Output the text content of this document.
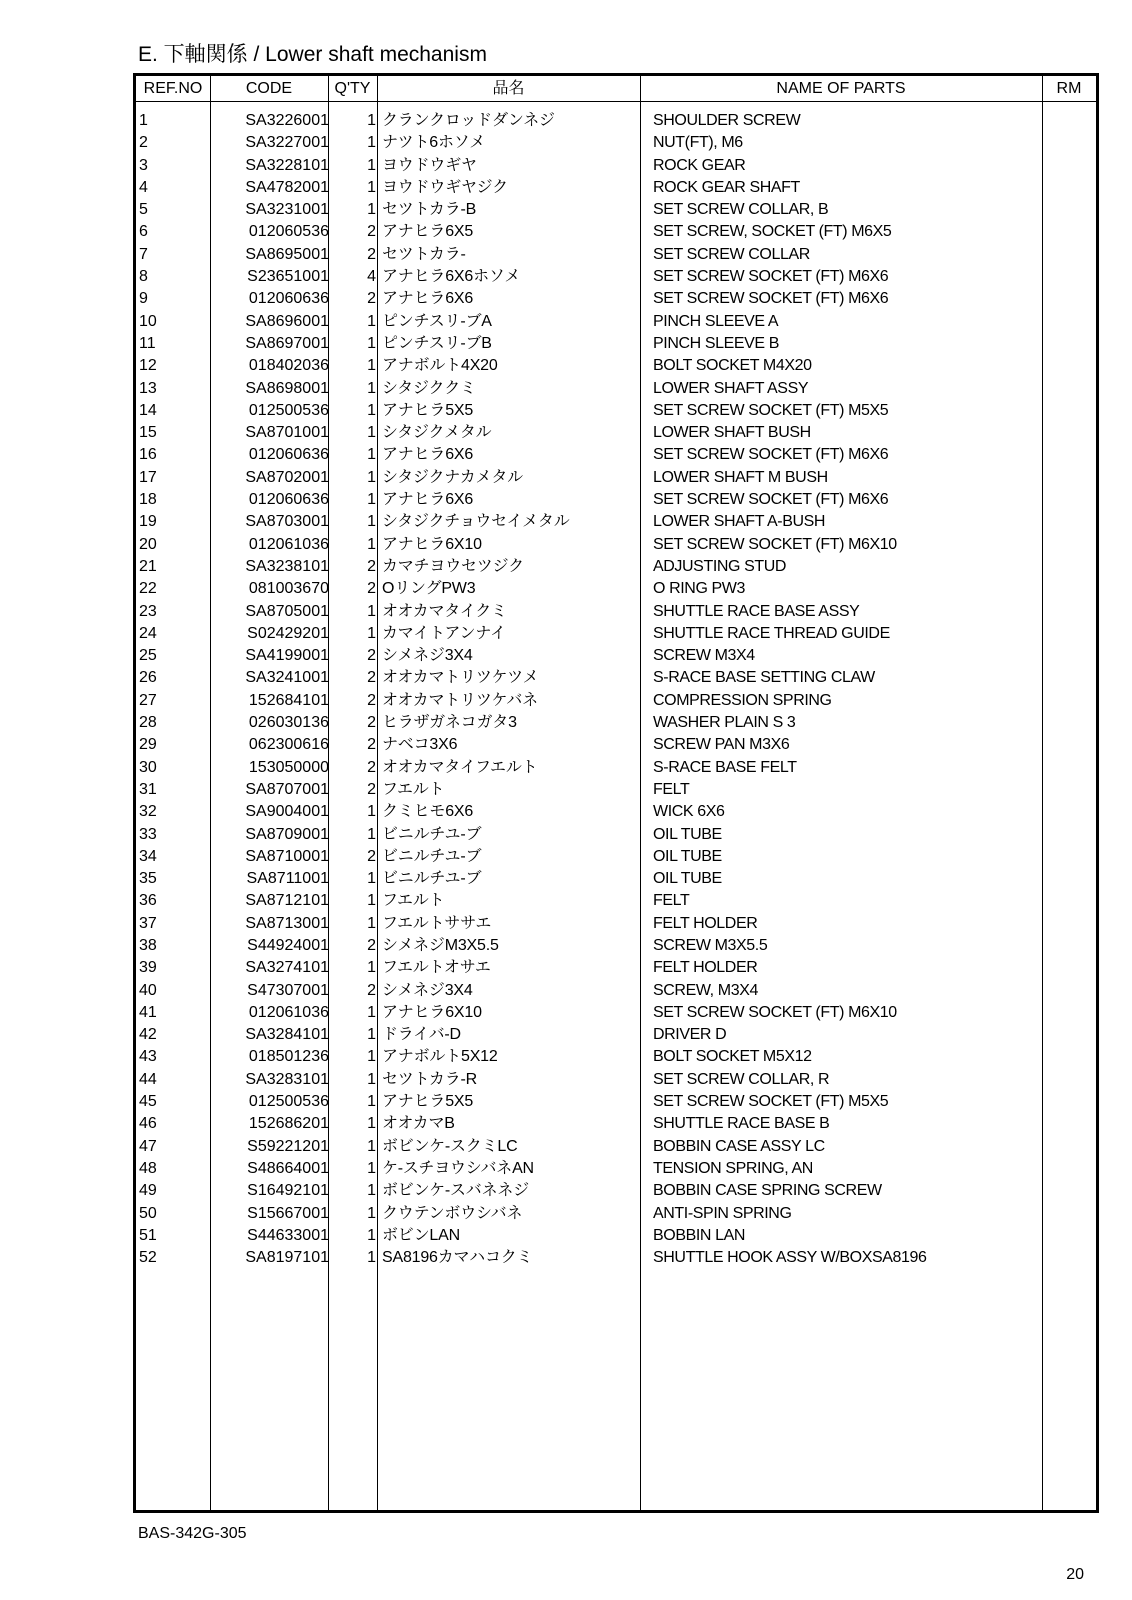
E. 下軸関係 / Lower shaft mechanism
REF.NO	CODE	Q'TY	品名	NAME OF PARTS	RM
1	SA3226001	1 クランクロッドダンネジ	SHOULDER SCREW
2	SA3227001	1 ナツト6ホソメ	NUT(FT), M6
3	SA3228101	1 ヨウドウギヤ	ROCK GEAR
4	SA4782001	1 ヨウドウギヤジク	ROCK GEAR SHAFT
5	SA3231001	1 セツトカラ-B	SET SCREW COLLAR, B
6	012060536	2 アナヒラ6X5	SET SCREW, SOCKET (FT) M6X5
7	SA8695001	2 セツトカラ-	SET SCREW COLLAR
8	S23651001	4 アナヒラ6X6ホソメ	SET SCREW SOCKET (FT) M6X6
9	012060636	2 アナヒラ6X6	SET SCREW SOCKET (FT) M6X6
10	SA8696001	1 ピンチスリ-ブA	PINCH SLEEVE A
11	SA8697001	1 ピンチスリ-ブB	PINCH SLEEVE B
12	018402036	1 アナボルト4X20	BOLT SOCKET M4X20
13	SA8698001	1 シタジククミ	LOWER SHAFT ASSY
14	012500536	1 アナヒラ5X5	SET SCREW SOCKET (FT) M5X5
15	SA8701001	1 シタジクメタル	LOWER SHAFT BUSH
16	012060636	1 アナヒラ6X6	SET SCREW SOCKET (FT) M6X6
17	SA8702001	1 シタジクナカメタル	LOWER SHAFT M BUSH
18	012060636	1 アナヒラ6X6	SET SCREW SOCKET (FT) M6X6
19	SA8703001	1 シタジクチョウセイメタル	LOWER SHAFT A-BUSH
20	012061036	1 アナヒラ6X10	SET SCREW SOCKET (FT) M6X10
21	SA3238101	2 カマチヨウセツジク	ADJUSTING STUD
22	081003670	2 OリングPW3	O RING PW3
23	SA8705001	1 オオカマタイクミ	SHUTTLE RACE BASE ASSY
24	S02429201	1 カマイトアンナイ	SHUTTLE RACE THREAD GUIDE
25	SA4199001	2 シメネジ3X4	SCREW M3X4
26	SA3241001	2 オオカマトリツケツメ	S-RACE BASE SETTING CLAW
27	152684101	2 オオカマトリツケバネ	COMPRESSION SPRING
28	026030136	2 ヒラザガネコガタ3	WASHER PLAIN S 3
29	062300616	2 ナベコ3X6	SCREW PAN M3X6
30	153050000	2 オオカマタイフエルト	S-RACE BASE FELT
31	SA8707001	2 フエルト	FELT
32	SA9004001	1 クミヒモ6X6	WICK 6X6
33	SA8709001	1 ビニルチユ-ブ	OIL TUBE
34	SA8710001	2 ビニルチユ-ブ	OIL TUBE
35	SA8711001	1 ビニルチユ-ブ	OIL TUBE
36	SA8712101	1 フエルト	FELT
37	SA8713001	1 フエルトササエ	FELT HOLDER
38	S44924001	2 シメネジM3X5.5	SCREW M3X5.5
39	SA3274101	1 フエルトオサエ	FELT HOLDER
40	S47307001	2 シメネジ3X4	SCREW, M3X4
41	012061036	1 アナヒラ6X10	SET SCREW SOCKET (FT) M6X10
42	SA3284101	1 ドライバ-D	DRIVER D
43	018501236	1 アナボルト5X12	BOLT SOCKET M5X12
44	SA3283101	1 セツトカラ-R	SET SCREW COLLAR, R
45	012500536	1 アナヒラ5X5	SET SCREW SOCKET (FT) M5X5
46	152686201	1 オオカマB	SHUTTLE RACE BASE B
47	S59221201	1 ボビンケ-スクミLC	BOBBIN CASE ASSY LC
48	S48664001	1 ケ-スチヨウシバネAN	TENSION SPRING, AN
49	S16492101	1 ボビンケ-スバネネジ	BOBBIN CASE SPRING SCREW
50	S15667001	1 クウテンボウシバネ	ANTI-SPIN SPRING
51	S44633001	1 ボビンLAN	BOBBIN LAN
52	SA8197101	1 SA8196カマハコクミ	SHUTTLE HOOK ASSY W/BOXSA8196
BAS-342G-305
20
